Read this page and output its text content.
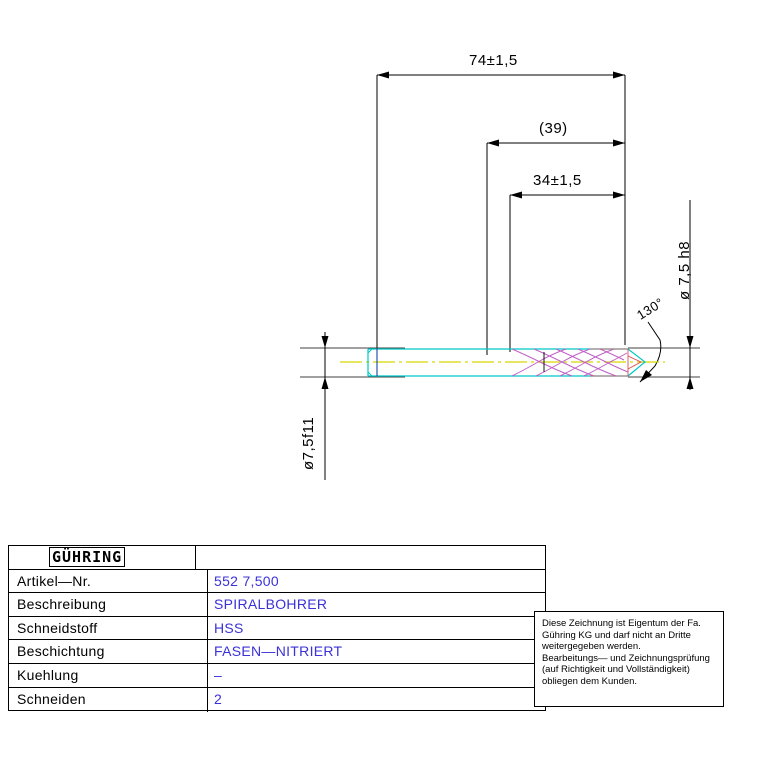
74±1,5
(39)
34±1,5
ø7,5f11
ø 7,5 h8
130°
GÜHRING
Artikel—Nr.	552 7,500
Beschreibung	SPIRALBOHRER
Schneidstoff	HSS
Beschichtung	FASEN—NITRIERT
Kuehlung	–
Schneiden	2

Diese Zeichnung ist Eigentum der Fa.

Gühring KG und darf nicht an Dritte

weitergegeben werden.

Bearbeitungs— und Zeichnungsprüfung

(auf Richtigkeit und Vollständigkeit)

obliegen dem Kunden.
